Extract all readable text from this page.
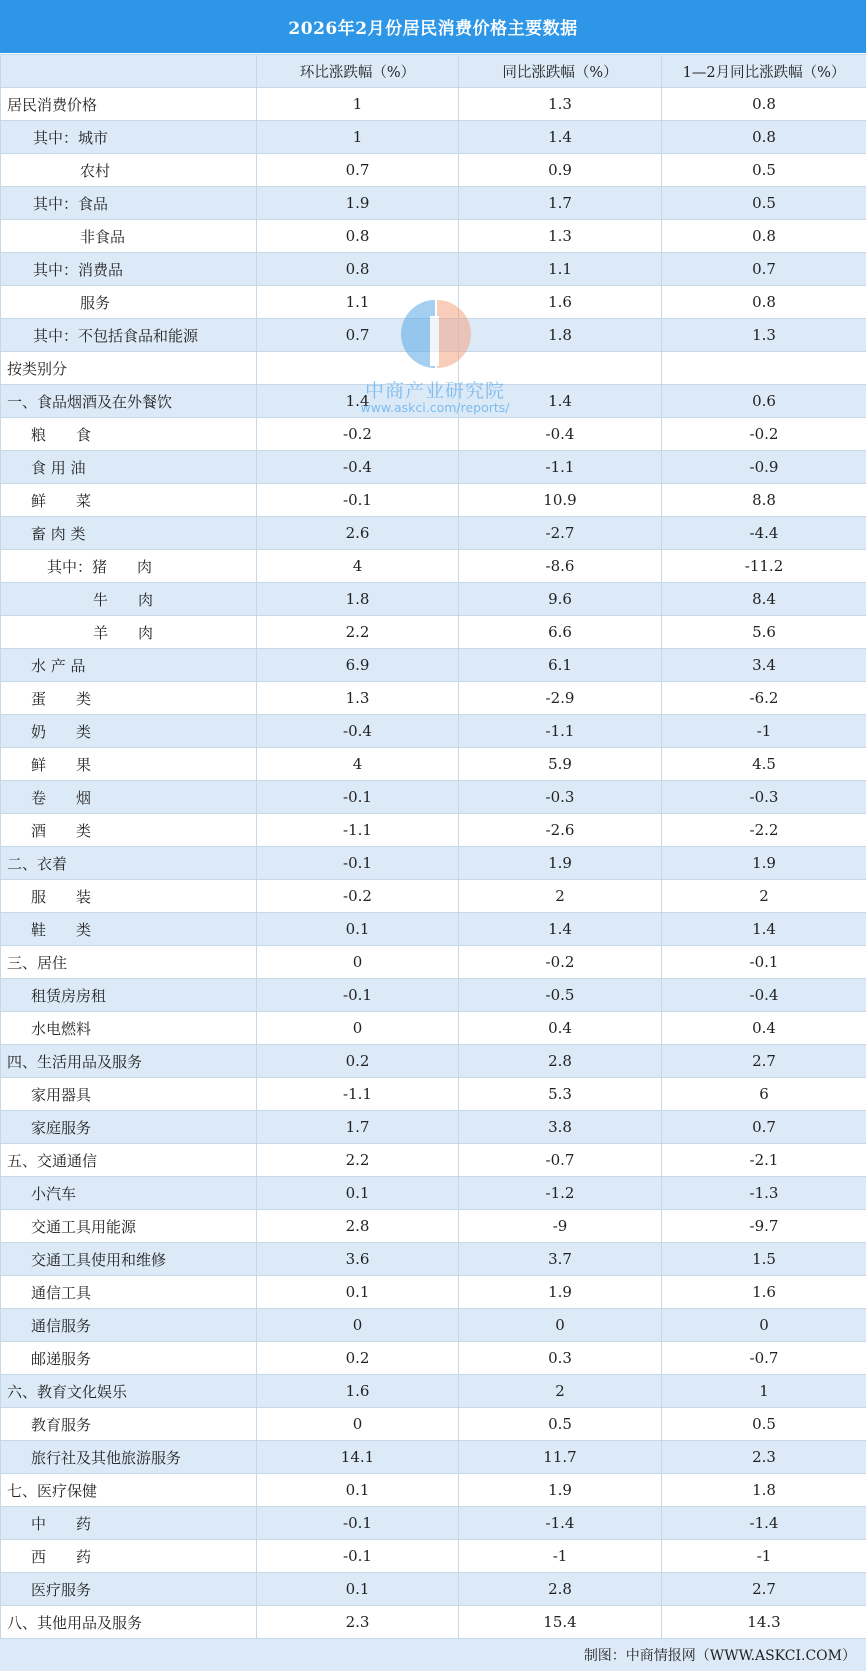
2026年2月份居民消费价格主要数据
	环比涨跌幅（%）	同比涨跌幅（%）	1—2月同比涨跌幅（%）
居民消费价格	1	1.3	0.8
其中：城市	1	1.4	0.8
农村	0.7	0.9	0.5
其中：食品	1.9	1.7	0.5
非食品	0.8	1.3	0.8
其中：消费品	0.8	1.1	0.7
服务	1.1	1.6	0.8
其中：不包括食品和能源	0.7	1.8	1.3
按类别分			
一、食品烟酒及在外餐饮	1.4	1.4	0.6
粮　　食	-0.2	-0.4	-0.2
食 用 油	-0.4	-1.1	-0.9
鲜　　菜	-0.1	10.9	8.8
畜 肉 类	2.6	-2.7	-4.4
其中：猪　　肉	4	-8.6	-11.2
牛　　肉	1.8	9.6	8.4
羊　　肉	2.2	6.6	5.6
水 产 品	6.9	6.1	3.4
蛋　　类	1.3	-2.9	-6.2
奶　　类	-0.4	-1.1	-1
鲜　　果	4	5.9	4.5
卷　　烟	-0.1	-0.3	-0.3
酒　　类	-1.1	-2.6	-2.2
二、衣着	-0.1	1.9	1.9
服　　装	-0.2	2	2
鞋　　类	0.1	1.4	1.4
三、居住	0	-0.2	-0.1
租赁房房租	-0.1	-0.5	-0.4
水电燃料	0	0.4	0.4
四、生活用品及服务	0.2	2.8	2.7
家用器具	-1.1	5.3	6
家庭服务	1.7	3.8	0.7
五、交通通信	2.2	-0.7	-2.1
小汽车	0.1	-1.2	-1.3
交通工具用能源	2.8	-9	-9.7
交通工具使用和维修	3.6	3.7	1.5
通信工具	0.1	1.9	1.6
通信服务	0	0	0
邮递服务	0.2	0.3	-0.7
六、教育文化娱乐	1.6	2	1
教育服务	0	0.5	0.5
旅行社及其他旅游服务	14.1	11.7	2.3
七、医疗保健	0.1	1.9	1.8
中　　药	-0.1	-1.4	-1.4
西　　药	-0.1	-1	-1
医疗服务	0.1	2.8	2.7
八、其他用品及服务	2.3	15.4	14.3
中商产业研究院
www.askci.com/reports/
制图：中商情报网（WWW.ASKCI.COM）
